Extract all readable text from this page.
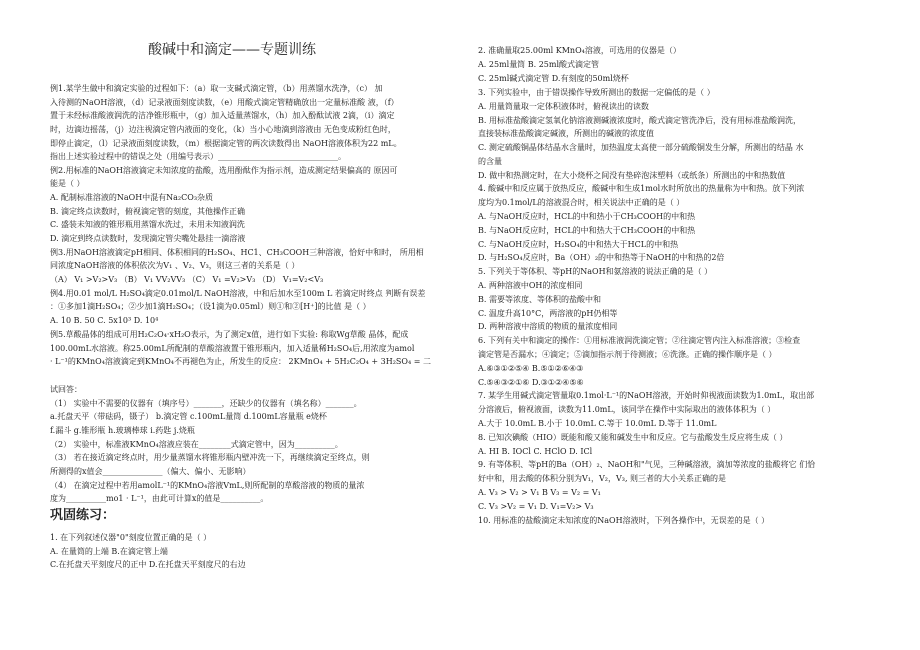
酸碱中和滴定——专题训练
例1.某学生做中和滴定实验的过程如下：（a）取一支碱式滴定管，（b）用蒸馏水洗净，（c） 加
入待测的NaOH溶液，（d）记录液面刻度读数，（e）用酸式滴定管精确放出一定量标准酸 液，（f）
置于未经标准酸液润洗的洁净锥形瓶中，（g）加入适量蒸馏水，（h）加入酚酞试液 2滴，（i）滴定
时，边滴边摇荡，（j）边注视滴定管内液面的变化，（k）当小心地滴到溶液由 无色变成粉红色时，
即停止滴定，（l）记录液面刻度读数，（m）根据滴定管的两次读数得出 NaOH溶液体积为22 mL。
指出上述实验过程中的错误之处（用编号表示）______________________________。
例2.用标准的NaOH溶液滴定未知浓度的盐酸，选用酚酞作为指示剂，造成测定结果偏高的 原因可
能是（ ）
A. 配制标准溶液的NaOH中混有Na₂CO₃杂质
B. 滴定终点读数时，俯视滴定管的刻度，其他操作正确
C. 盛装未知液的锥形瓶用蒸馏水洗过，未用未知液润洗
D. 滴定到终点读数时，发现滴定管尖嘴处悬挂一滴溶液
例3.用NaOH溶液滴定pH相同、体积相同的H₂SO₄、HC1、CH₃COOH三种溶液，恰好中和时， 所用相
同浓度NaOH溶液的体积依次为V₁ 、V₂、V₃，则这三者的关系是（ ）
（A） V₁ >V₂>V₃ （B） V₁ VV₂VV₃ （C） V₁ =V₂>V₃ （D） V₁=V₂<V₃
例4.用0.01 mol/L H₂SO₄滴定0.01mol/L NaOH溶液，中和后加水至100m L 若滴定时终点 判断有误差
：①多加1滴H₂SO₄；②少加1滴H₂SO₄；（设1滴为0.05ml）则①和②[H⁺]的比值 是（ ）
A. 10 B. 50 C. 5x10³ D. 10⁴
例5.草酸晶体的组成可用H₂C₂O₄·xH₂O表示，为了测定x值，进行如下实验: 称取Wg草酸 晶体，配成
100.00mL水溶液。称25.00mL所配制的草酸溶液置于锥形瓶内，加入适量稀H₂SO₄后,用浓度为amol
· L⁻¹的KMnO₄溶液滴定到KMnO₄不再褪色为止，所发生的反应： 2KMnO₄ + 5H₂C₂O₄ + 3H₂SO₄ = 二
试回答：
（1） 实验中不需要的仪器有（填序号）_______，还缺少的仪器有（填名称）_______。
a.托盘天平（带砝码，镊子） b.滴定管 c.100mL量筒 d.100mL容量瓶 e烧杯
f.漏斗 g.锥形瓶 h.玻璃棒球 i.药匙 j.烧瓶
（2） 实验中，标准液KMnO₄溶液应装在________式滴定管中，因为__________。
（3） 若在接近滴定终点时，用少量蒸馏水将锥形瓶内壁冲洗一下，再继续滴定至终点，则
所测得的x值会_______________（偏大、偏小、无影响）
（4） 在滴定过程中若用amolL⁻¹的KMnO₄溶液VmL,则所配制的草酸溶液的物质的量浓
度为__________mo1 · L⁻¹，由此可计算x的值是__________。
巩固练习：
1. 在下列叙述仪器"0"刻度位置正确的是（ ）
A. 在量筒的上端 B.在滴定管上端
C.在托盘天平刻度尺的正中 D.在托盘天平刻度尺的右边
2. 准确量取25.00ml KMnO₄溶液，可选用的仪器是（）
A. 25ml量筒 B. 25ml酸式滴定管
C. 25ml碱式滴定管 D.有刻度的50ml烧杯
3. 下列实验中，由于错误操作导致所测出的数据一定偏低的是（ ）
A. 用量筒量取一定体积液体时，俯视读出的读数
B. 用标准盐酸滴定氢氧化钠溶液测碱液浓度时，酸式滴定管洗净后，没有用标准盐酸润洗，
直接装标准盐酸滴定碱液，所测出的碱液的浓度值
C. 测定硫酸铜晶体结晶水含量时，加热温度太高使一部分硫酸铜发生分解，所测出的结晶 水
的含量
D. 做中和热测定时，在大小烧杯之间没有垫碎泡沫塑料（或纸条）所测出的中和热数值
4. 酸碱中和反应属于放热反应，酸碱中和生成1mol水时所放出的热量称为中和热。放下列浓
度均为0.1mol/L的溶液混合时，相关说法中正确的是（ ）
A. 与NaOH反应时，HCL的中和热小于CH₃COOH的中和热
B. 与NaOH反应时，HCL的中和热大于CH₃COOH的中和热
C. 与NaOH反应时，H₂SO₄的中和热大于HCL的中和热
D. 与H₂SO₄反应时，Ba（OH）₂的中和热等于NaOH的中和热的2倍
5. 下列关于等体积、等pH的NaOH和氨溶液的说法正确的是（ ）
A. 两种溶液中OH的浓度相同
B. 需要等浓度、等体积的盐酸中和
C. 温度升高10°C，两溶液的pH仍相等
D. 两种溶液中溶质的物质的量浓度相同
6. 下列有关中和滴定的操作：①用标准液润洗滴定管；②往滴定管内注入标准溶液；③检查
滴定管是否漏水；④滴定；⑤滴加指示剂于待测液；⑥洗涤。正确的操作顺序是（ ）
A.⑥③①②⑤④ B.⑤①②⑥④③
C.⑤④③②①⑥ D.③①②④⑤⑥
7. 某学生用碱式滴定管量取0.1mol·L⁻¹的NaOH溶液，开始时仰视液面读数为1.0mL，取出部
分溶液后，俯视液面，读数为11.0mL，该同学在操作中实际取出的液体体积为（ ）
A.大于 10.0mL B.小于 10.0mL C.等于 10.0mL D.等于 11.0mL
8. 已知次碘酸（HIO）既能和酸又能和碱发生中和反应。它与盐酸发生反应将生成（ ）
A. HI B. IOCl C. HClO D. ICl
9. 有等体积、等pH的Ba（OH）₂、NaOH和"气见，三种碱溶液，滴加等浓度的盐酸将它 们恰
好中和，用去酸的体积分别为V₁，V₂，V₃, 则三者的大小关系正确的是
A. V₃ > V₂ > V₁ B V₃ = V₂ = V₁
C. V₃ >V₂ = V₁ D. V₁=V₂> V₃
10. 用标准的盐酸滴定未知浓度的NaOH溶液时，下列各操作中，无误差的是（ ）
